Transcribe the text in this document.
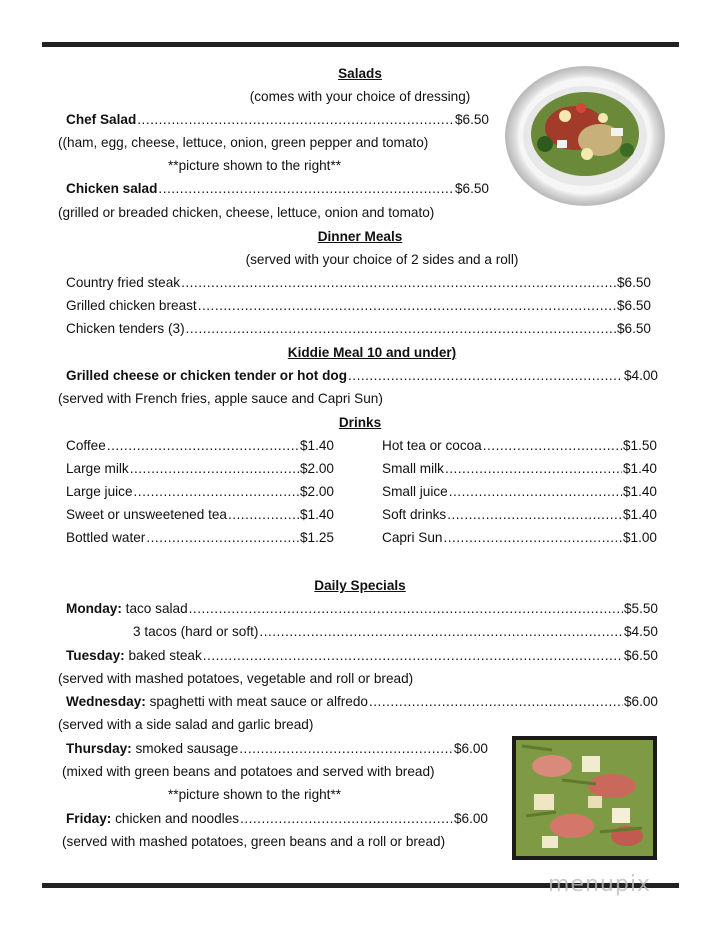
Salads
(comes with your choice of dressing)
Chef Salad .....	$6.50
((ham, egg, cheese, lettuce, onion, green pepper and tomato)
**picture shown to the right**
Chicken salad .....	$6.50
(grilled or breaded chicken, cheese, lettuce, onion and tomato)
Dinner Meals
(served with your choice of 2 sides and a roll)
Country fried steak .....	$6.50
Grilled chicken breast .....	$6.50
Chicken tenders (3) .....	$6.50
Kiddie Meal 10 and under)
Grilled cheese or chicken tender or hot dog .....	$4.00
(served with French fries, apple sauce and Capri Sun)
Drinks
Coffee .....	$1.40
Large milk .....	$2.00
Large juice .....	$2.00
Sweet or unsweetened tea .....	$1.40
Bottled water .....	$1.25
Hot tea or cocoa .....	$1.50
Small milk .....	$1.40
Small juice .....	$1.40
Soft drinks .....	$1.40
Capri Sun .....	$1.00
Daily Specials
Monday: taco salad .....	$5.50
3 tacos (hard or soft) .....	$4.50
Tuesday: baked steak .....	$6.50
(served with mashed potatoes, vegetable and roll or bread)
Wednesday: spaghetti with meat sauce or alfredo .....	$6.00
(served with a side salad and garlic bread)
Thursday: smoked sausage .....	$6.00
(mixed with green beans and potatoes and served with bread)
**picture shown to the right**
Friday: chicken and noodles .....	$6.00
(served with mashed potatoes, green beans and a roll or bread)
menupix
